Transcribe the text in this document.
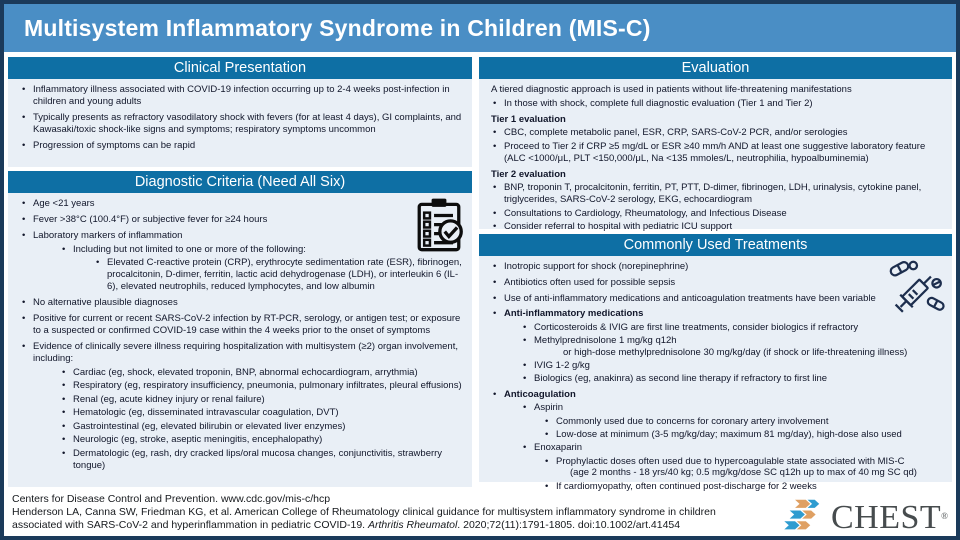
Multisystem Inflammatory Syndrome in Children (MIS-C)
Clinical Presentation
•
Inflammatory illness associated with COVID-19 infection occurring up to 2-4 weeks post-infection in children and young adults
•
Typically presents as refractory vasodilatory shock with fevers (for at least 4 days), GI complaints, and Kawasaki/toxic shock-like signs and symptoms; respiratory symptoms uncommon
•
Progression of symptoms can be rapid
Diagnostic Criteria (Need All Six)
•
Age <21 years
•
Fever >38°C (100.4°F) or subjective fever for ≥24 hours
•
Laboratory markers of inflammation
•
Including but not limited to one or more of the following:
•
Elevated C-reactive protein (CRP), erythrocyte sedimentation rate (ESR), fibrinogen, procalcitonin, D-dimer, ferritin, lactic acid dehydrogenase (LDH), or interleukin 6 (IL-6), elevated neutrophils, reduced lymphocytes, and low albumin
•
No alternative plausible diagnoses
•
Positive for current or recent SARS-CoV-2 infection by RT-PCR, serology, or antigen test; or exposure to a suspected or confirmed COVID-19 case within the 4 weeks prior to the onset of symptoms
•
Evidence of clinically severe illness requiring hospitalization with multisystem (≥2) organ involvement, including:
•
Cardiac (eg, shock, elevated troponin, BNP, abnormal echocardiogram, arrythmia)
•
Respiratory (eg, respiratory insufficiency, pneumonia, pulmonary infiltrates, pleural effusions)
•
Renal (eg, acute kidney injury or renal failure)
•
Hematologic (eg, disseminated intravascular coagulation, DVT)
•
Gastrointestinal (eg, elevated bilirubin or elevated liver enzymes)
•
Neurologic (eg, stroke, aseptic meningitis, encephalopathy)
•
Dermatologic (eg, rash, dry cracked lips/oral mucosa changes, conjunctivitis, strawberry tongue)
Evaluation
A tiered diagnostic approach is used in patients without life-threatening manifestations
•
In those with shock, complete full diagnostic evaluation (Tier 1 and Tier 2)
Tier 1 evaluation
•
CBC, complete metabolic panel, ESR, CRP, SARS-CoV-2 PCR, and/or serologies
•
Proceed to Tier 2 if CRP ≥5 mg/dL or ESR ≥40 mm/h AND at least one suggestive laboratory feature (ALC <1000/μL, PLT <150,000/μL, Na <135 mmoles/L, neutrophilia, hypoalbuminemia)
Tier 2 evaluation
•
BNP, troponin T, procalcitonin, ferritin, PT, PTT, D-dimer, fibrinogen, LDH, urinalysis, cytokine panel, triglycerides, SARS-CoV-2 serology, EKG, echocardiogram
•
Consultations to Cardiology, Rheumatology, and Infectious Disease
•
Consider referral to hospital with pediatric ICU support
Commonly Used Treatments
•
Inotropic support for shock (norepinephrine)
•
Antibiotics often used for possible sepsis
•
Use of anti-inflammatory medications and anticoagulation treatments have been variable
•
Anti-inflammatory medications
•
Corticosteroids & IVIG are first line treatments, consider biologics if refractory
•
Methylprednisolone 1 mg/kg q12h
or high-dose methylprednisolone 30 mg/kg/day (if shock or life-threatening illness)
•
IVIG 1-2 g/kg
•
Biologics (eg, anakinra) as second line therapy if refractory to first line
•
Anticoagulation
•
Aspirin
•
Commonly used due to concerns for coronary artery involvement
•
Low-dose at minimum (3-5 mg/kg/day; maximum 81 mg/day), high-dose also used
•
Enoxaparin
•
Prophylactic doses often used due to hypercoagulable state associated with MIS-C
(age 2 months - 18 yrs/40 kg; 0.5 mg/kg/dose SC q12h up to max of 40 mg SC qd)
•
If cardiomyopathy, often continued post-discharge for 2 weeks
Centers for Disease Control and Prevention. www.cdc.gov/mis-c/hcp
Henderson LA, Canna SW, Friedman KG, et al. American College of Rheumatology clinical guidance for multisystem inflammatory syndrome in children associated with SARS-CoV-2 and hyperinflammation in pediatric COVID-19. Arthritis Rheumatol. 2020;72(11):1791-1805. doi:10.1002/art.41454	CHEST ®
